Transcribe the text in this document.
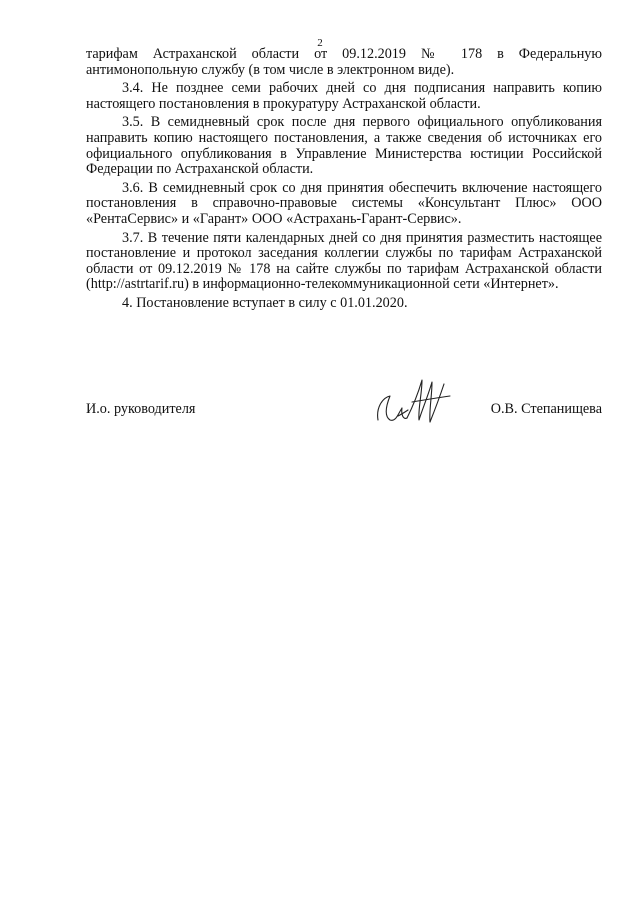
2

тарифам Астраханской области от 09.12.2019 № 178 в Федеральную антимонопольную службу (в том числе в электронном виде).

3.4. Не позднее семи рабочих дней со дня подписания направить копию настоящего постановления в прокуратуру Астраханской области.

3.5. В семидневный срок после дня первого официального опубликования направить копию настоящего постановления, а также сведения об источниках его официального опубликования в Управление Министерства юстиции Российской Федерации по Астраханской области.

3.6. В семидневный срок со дня принятия обеспечить включение настоящего постановления в справочно-правовые системы «Консультант Плюс» ООО «РентаСервис» и «Гарант» ООО «Астрахань-Гарант-Сервис».

3.7. В течение пяти календарных дней со дня принятия разместить настоящее постановление и протокол заседания коллегии службы по тарифам Астраханской области от 09.12.2019 № 178 на сайте службы по тарифам Астраханской области (http://astrtarif.ru) в информационно-телекоммуникационной сети «Интернет».

4. Постановление вступает в силу с 01.01.2020.

И.о. руководителя	О.В. Степанищева
